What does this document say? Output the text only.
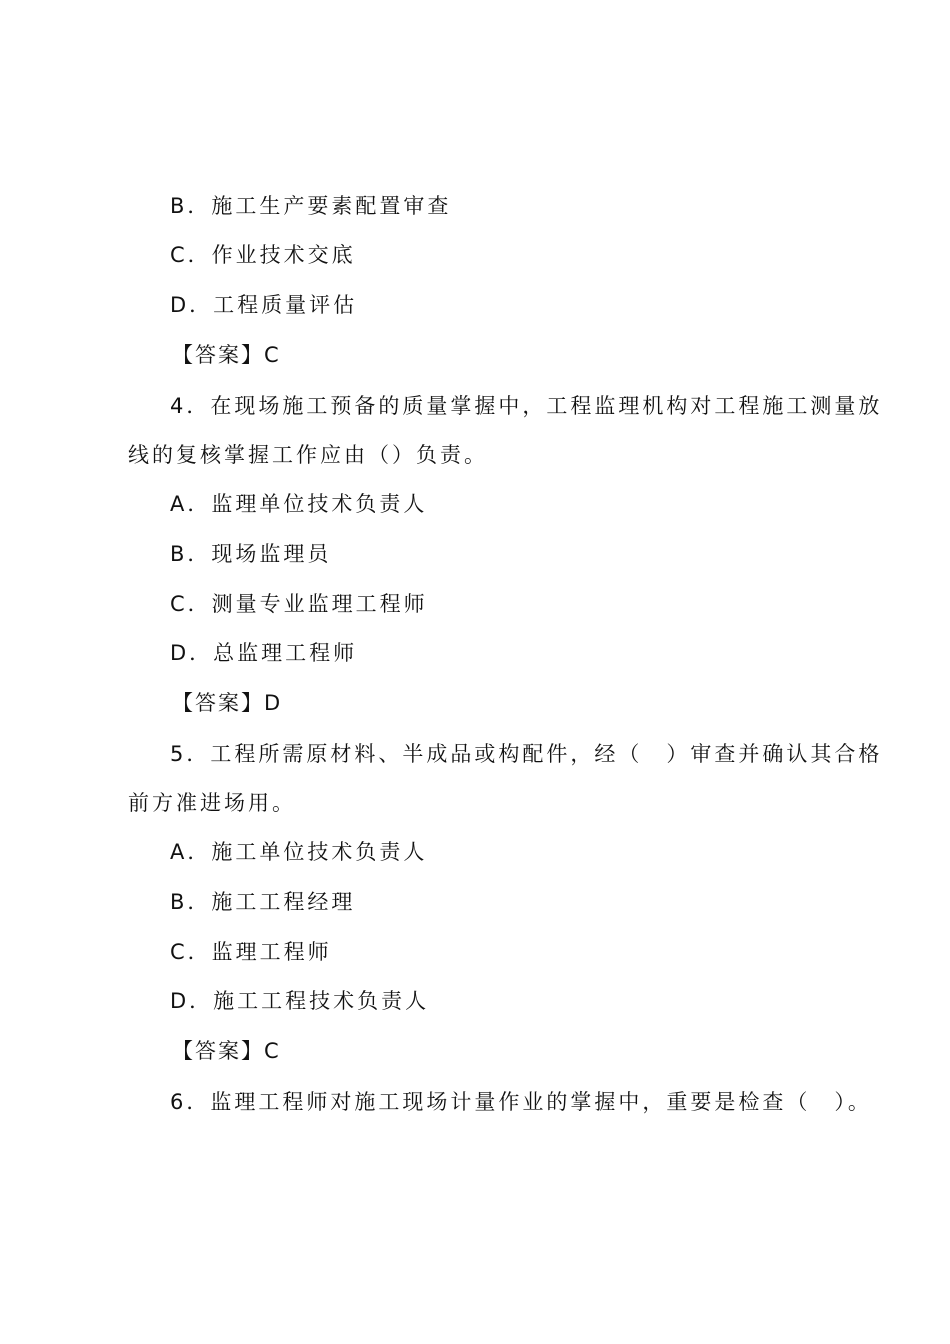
B．施工生产要素配置审查
C．作业技术交底
D．工程质量评估
【答案】C
4．在现场施工预备的质量掌握中，工程监理机构对工程施工测量放
线的复核掌握工作应由（）负责。
A．监理单位技术负责人
B．现场监理员
C．测量专业监理工程师
D．总监理工程师
【答案】D
5．工程所需原材料、半成品或构配件，经（　）审查并确认其合格
前方准进场用。
A．施工单位技术负责人
B．施工工程经理
C．监理工程师
D．施工工程技术负责人
【答案】C
6．监理工程师对施工现场计量作业的掌握中，重要是检查（　）。
